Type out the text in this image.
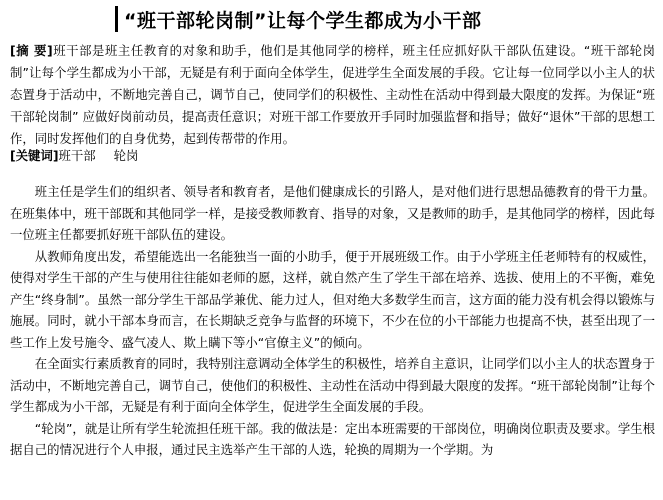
“班干部轮岗制”让每个学生都成为小干部

[摘 要]班干部是班主任教育的对象和助手，他们是其他同学的榜样，班主任应抓好队干部队伍建设。“班干部轮岗制”让每个学生都成为小干部，无疑是有利于面向全体学生，促进学生全面发展的手段。它让每一位同学以小主人的状态置身于活动中，不断地完善自己，调节自己，使同学们的积极性、主动性在活动中得到最大限度的发挥。为保证“班干部轮岗制” 应做好岗前动员，提高责任意识；对班干部工作要放开手同时加强监督和指导；做好“退休”干部的思想工作，同时发挥他们的自身优势，起到传帮带的作用。

[关键词]班干部 轮岗

班主任是学生们的组织者、领导者和教育者，是他们健康成长的引路人，是对他们进行思想品德教育的骨干力量。在班集体中，班干部既和其他同学一样，是接受教师教育、指导的对象，又是教师的助手，是其他同学的榜样，因此每一位班主任都要抓好班干部队伍的建设。

从教师角度出发，希望能选出一名能独当一面的小助手，便于开展班级工作。由于小学班主任老师特有的权威性，使得对学生干部的产生与使用往往能如老师的愿，这样，就自然产生了学生干部在培养、选拔、使用上的不平衡，难免产生“终身制”。虽然一部分学生干部品学兼优、能力过人，但对绝大多数学生而言，这方面的能力没有机会得以锻炼与施展。同时，就小干部本身而言，在长期缺乏竞争与监督的环境下，不少在位的小干部能力也提高不快，甚至出现了一些工作上发号施令、盛气凌人、欺上瞒下等小“官僚主义”的倾向。

在全面实行素质教育的同时，我特别注意调动全体学生的积极性，培养自主意识，让同学们以小主人的状态置身于活动中，不断地完善自己，调节自己，使他们的积极性、主动性在活动中得到最大限度的发挥。“班干部轮岗制”让每个学生都成为小干部，无疑是有利于面向全体学生，促进学生全面发展的手段。

“轮岗”，就是让所有学生轮流担任班干部。我的做法是：定出本班需要的干部岗位，明确岗位职责及要求。学生根据自己的情况进行个人申报，通过民主选举产生干部的人选，轮换的周期为一个学期。为
